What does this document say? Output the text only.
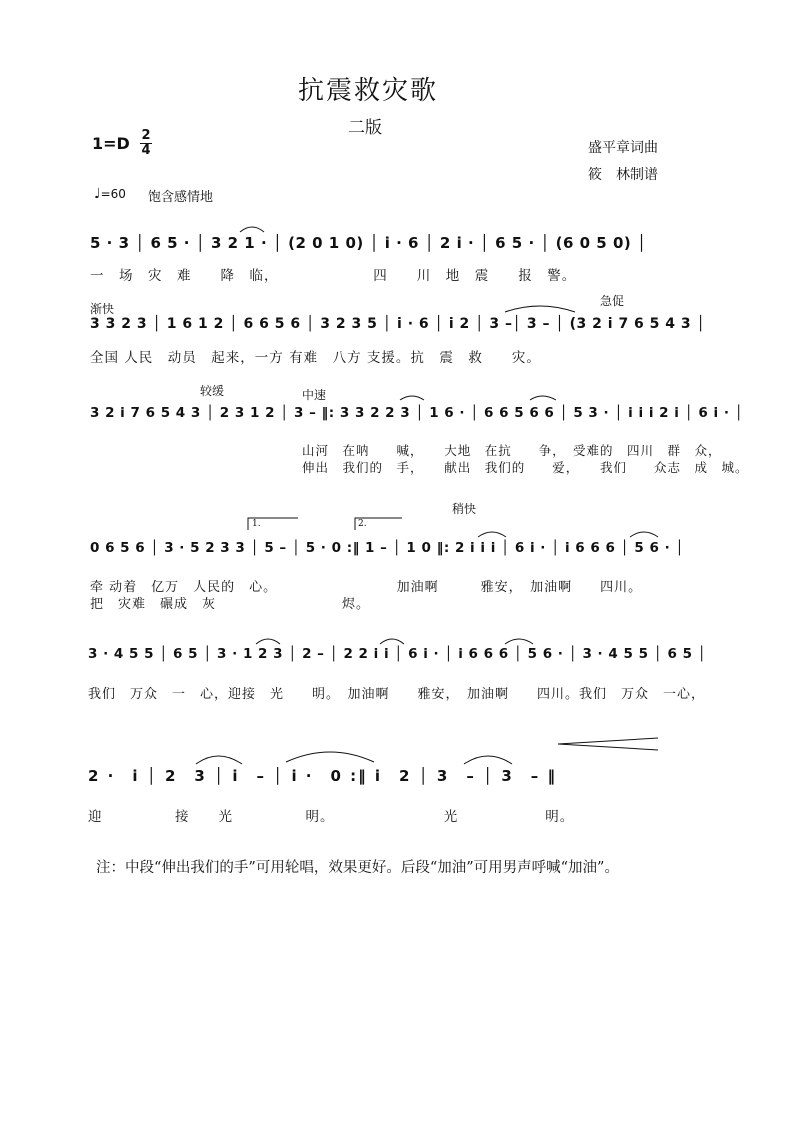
抗震救灾歌
二版
1=D 2
4	盛平章词曲
筱　林制谱
♩=60 饱含感情地
5 · 3 │ 6 5 · │ 3 2 1 · │ (2 0 1 0) │ i · 6 │ 2 i · │ 6 5 · │ (6 0 5 0) │
一　场　灾　难　　降　临，　　　　　　　四　　川　地　震　　报　警。
渐快
急促
3 3 2 3 │ 1 6 1 2 │ 6 6 5 6 │ 3 2 3 5 │ i · 6 │ i 2 │ 3 –│ 3 – │ (3 2 i 7 6 5 4 3 │
全国 人民　动员　起来，一方 有难　八方 支援。抗　震　救　　灾。
较缓	中速
3 2 i 7 6 5 4 3 │ 2 3 1 2 │ 3 – ‖: 3 3 2 2 3 │ 1 6 · │ 6 6 5 6 6 │ 5 3 · │ i i i 2 i │ 6 i · │
山河　在呐　　喊，　　大地　在抗　　争，　受难的　四川　群　众，
伸出　我们的　手，　　献出　我们的　　爱，　　我们　　众志　成　城。
稍快
1.	2.
0 6 5 6 │ 3 · 5 2 3 3 │ 5 – │ 5 · 0 :‖ 1 – │ 1 0 ‖: 2 i i i │ 6 i · │ i 6 6 6 │ 5 6 · │
牵 动着　亿万　人民的　心。　　　　　　　　　加油啊　　　雅安，　加油啊　　四川。
把　灾难　碾成　灰　　　　　　　　　烬。
3 · 4 5 5 │ 6 5 │ 3 · 1 2 3 │ 2 – │ 2 2 i i │ 6 i · │ i 6 6 6 │ 5 6 · │ 3 · 4 5 5 │ 6 5 │
我们　万众　一　心，迎接　光　　明。　加油啊　　雅安，　加油啊　　四川。我们　万众　一心，
2 ·　i │ 2　3 │ i　– │ i ·　0 :‖ i　2 │ 3　– │ 3　– ‖
迎　　　　　接　　光　　　　　明。　　　　　　　　光　　　　　　明。
注：中段“伸出我们的手”可用轮唱，效果更好。后段“加油”可用男声呼喊“加油”。
